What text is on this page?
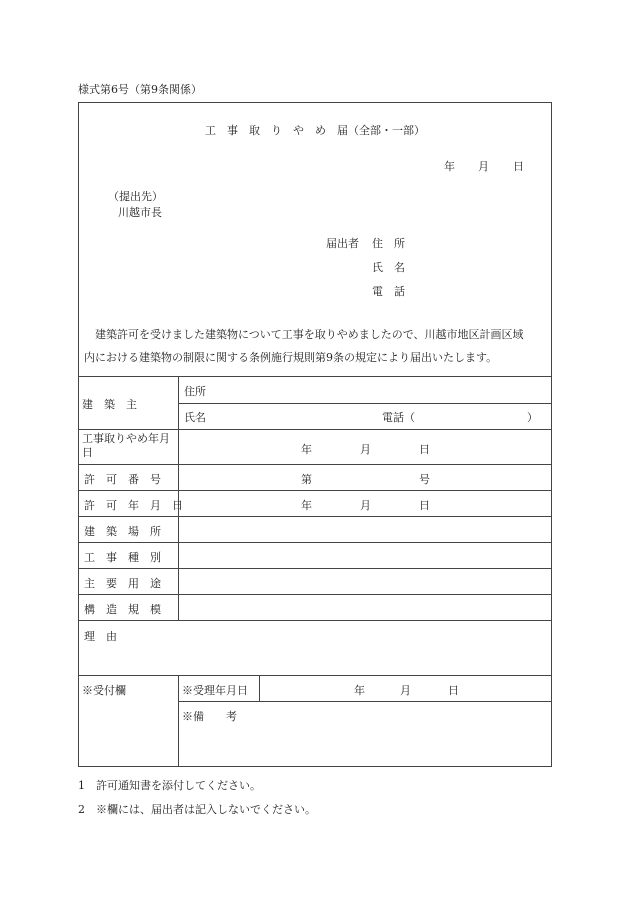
様式第6号（第9条関係）
工　事　取　り　や　め　届（全部・一部）
年 月 日
（提出先）
川越市長
届出者 住　所
氏　名
電　話
建築許可を受けました建築物について工事を取りやめましたので、川越市地区計画区域
内における建築物の制限に関する条例施行規則第9条の規定により届出いたします。
建　築　主
住所
氏名	電話（	）
工事取りやめ年月日	年	月	日
許　可　番　号	第	号
許　可　年　月　日	年	月	日
建　築　場　所
工　事　種　別
主　要　用　途
構　造　規　模
理　由
※受付欄	※受理年月日	年	月	日
※備　　考
1　 許可通知書を添付してください。
2　 ※欄には、届出者は記入しないでください。
